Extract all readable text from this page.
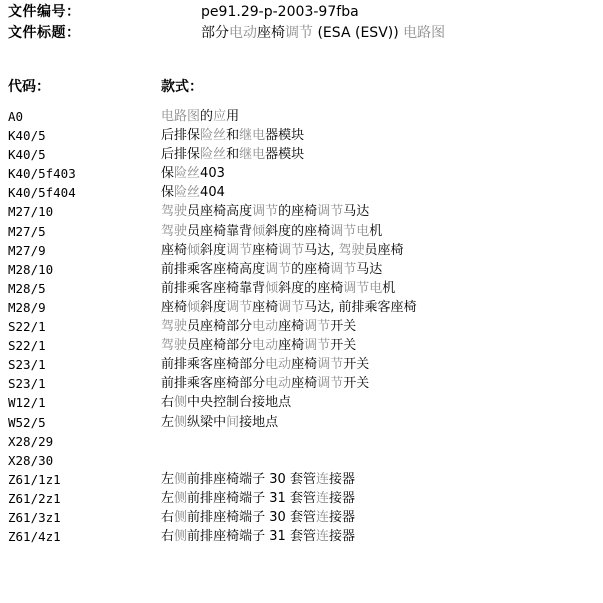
文件编号：	pe91.29-p-2003-97fba
文件标题：	部分电动座椅调节 (ESA (ESV)) 电路图
代码：	款式：
A0	电路图的应用
K40/5	后排保险丝和继电器模块
K40/5	后排保险丝和继电器模块
K40/5f403	保险丝403
K40/5f404	保险丝404
M27/10	驾驶员座椅高度调节的座椅调节马达
M27/5	驾驶员座椅靠背倾斜度的座椅调节电机
M27/9	座椅倾斜度调节座椅调节马达, 驾驶员座椅
M28/10	前排乘客座椅高度调节的座椅调节马达
M28/5	前排乘客座椅靠背倾斜度的座椅调节电机
M28/9	座椅倾斜度调节座椅调节马达, 前排乘客座椅
S22/1	驾驶员座椅部分电动座椅调节开关
S22/1	驾驶员座椅部分电动座椅调节开关
S23/1	前排乘客座椅部分电动座椅调节开关
S23/1	前排乘客座椅部分电动座椅调节开关
W12/1	右侧中央控制台接地点
W52/5	左侧纵梁中间接地点
X28/29
X28/30
Z61/1z1	左侧前排座椅端子 30 套管连接器
Z61/2z1	左侧前排座椅端子 31 套管连接器
Z61/3z1	右侧前排座椅端子 30 套管连接器
Z61/4z1	右侧前排座椅端子 31 套管连接器
